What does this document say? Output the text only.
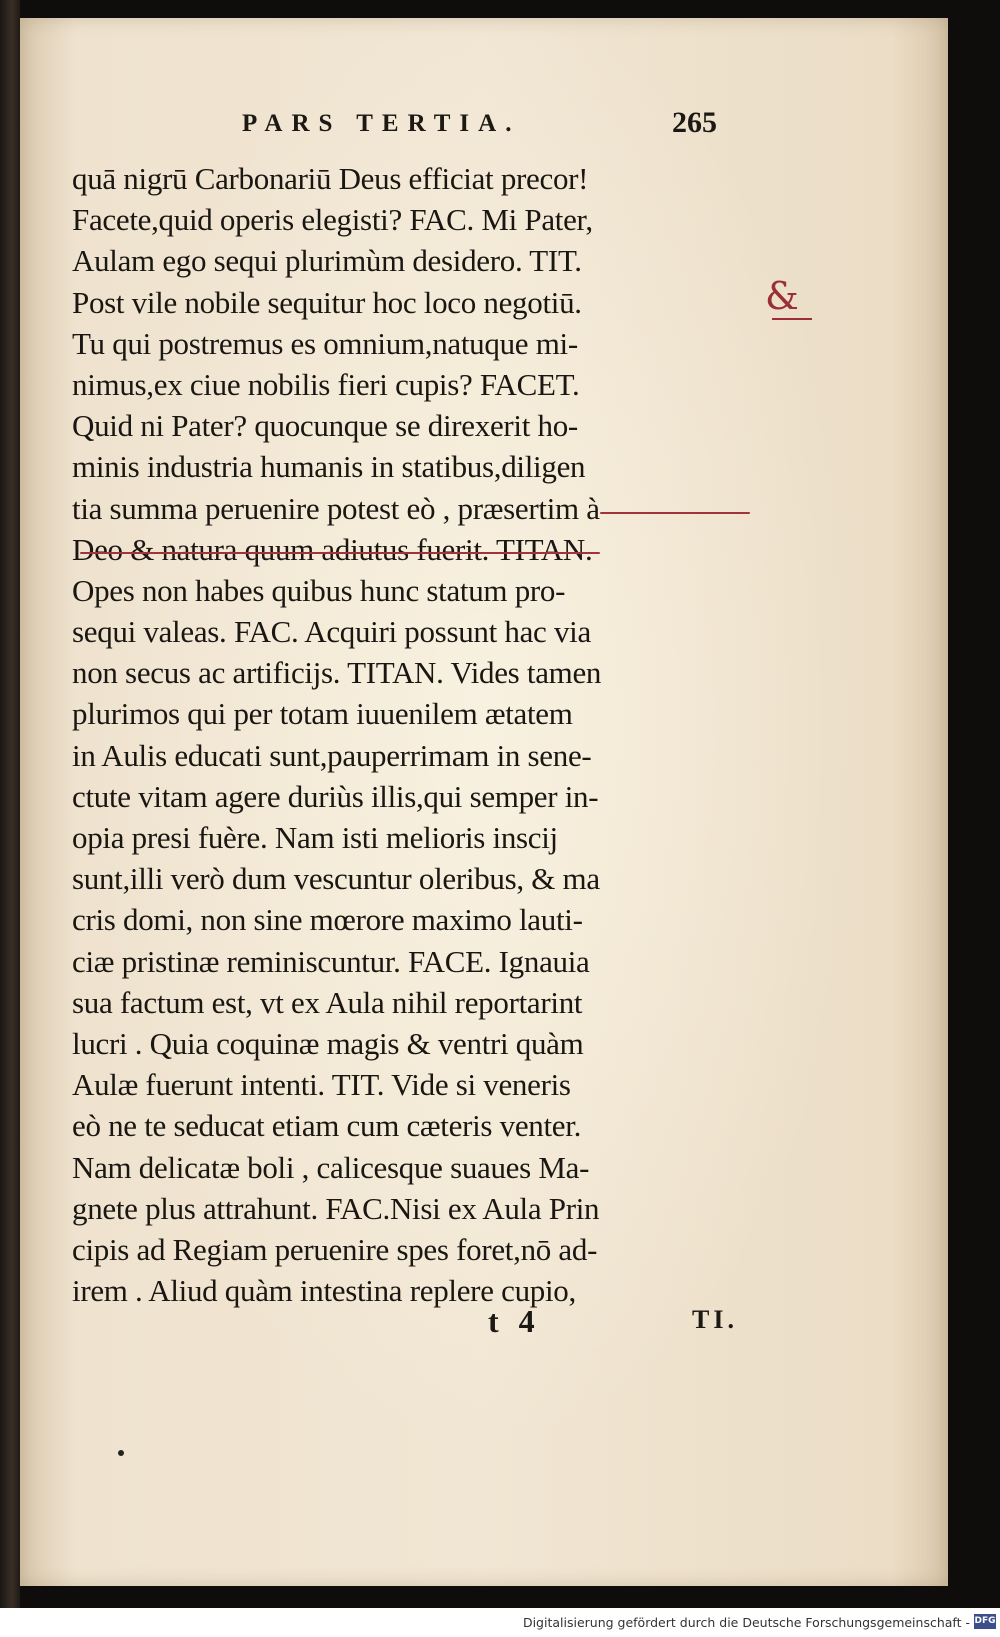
PARS TERTIA.	265
quā nigrū Carbonariū Deus efficiat precor!
Facete,quid operis elegisti? FAC. Mi Pater,
Aulam ego sequi plurimùm desidero. TIT.
Post vile nobile sequitur hoc loco negotiū.
Tu qui postremus es omnium,natuque mi-
nimus,ex ciue nobilis fieri cupis? FACET.
Quid ni Pater? quocunque se direxerit ho-
minis industria humanis in statibus,diligen
tia summa peruenire potest eò , præsertim à
Deo & natura quum adiutus fuerit. TITAN.
Opes non habes quibus hunc statum pro-
sequi valeas. FAC. Acquiri possunt hac via
non secus ac artificijs. TITAN. Vides tamen
plurimos qui per totam iuuenilem ætatem
in Aulis educati sunt,pauperrimam in sene-
ctute vitam agere duriùs illis,qui semper in-
opia presi fuère. Nam isti melioris inscij
sunt,illi verò dum vescuntur oleribus, & ma
cris domi, non sine mœrore maximo lauti-
ciæ pristinæ reminiscuntur. FACE. Ignauia
sua factum est, vt ex Aula nihil reportarint
lucri . Quia coquinæ magis & ventri quàm
Aulæ fuerunt intenti. TIT. Vide si veneris
eò ne te seducat etiam cum cæteris venter.
Nam delicatæ boli , calicesque suaues Ma-
gnete plus attrahunt. FAC.Nisi ex Aula Prin
cipis ad Regiam peruenire spes foret,nō ad-
irem . Aliud quàm intestina replere cupio,
&
t 4	TI.
Digitalisierung gefördert durch die Deutsche Forschungsgemeinschaft - DFG
